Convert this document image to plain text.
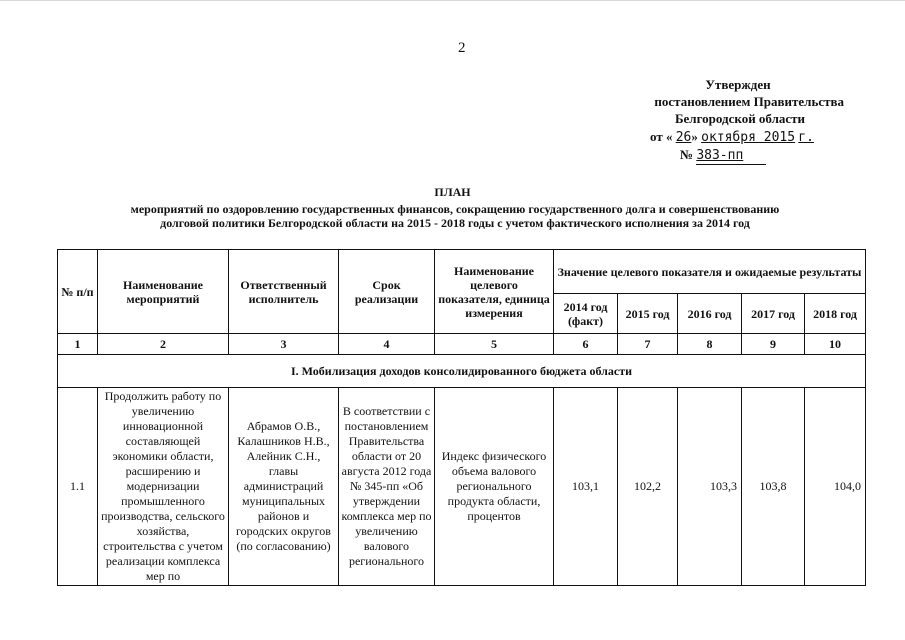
2
Утвержден
постановлением Правительства
Белгородской области
от « 26» октября 2015 г.
№ 383-пп
ПЛАН
мероприятий по оздоровлению государственных финансов, сокращению государственного долга и совершенствованию
долговой политики Белгородской области на 2015 - 2018 годы с учетом фактического исполнения за 2014 год
№ п/п	Наименование мероприятий	Ответственный исполнитель	Срок реализации	Наименование целевого показателя, единица измерения	Значение целевого показателя и ожидаемые результаты				
					2014 год (факт)	2015 год	2016 год	2017 год	2018 год
1	2	3	4	5	6	7	8	9	10
I. Мобилизация доходов консолидированного бюджета области									
1.1	Продолжить работу по увеличению инновационной составляющей экономики области, расширению и модернизации промышленного производства, сельского хозяйства, строительства с учетом реализации комплекса мер по	Абрамов О.В., Калашников Н.В., Алейник С.Н., главы администраций муниципальных районов и городских округов (по согласованию)	В соответствии с постановлением Правительства области от 20 августа 2012 года № 345-пп «Об утверждении комплекса мер по увеличению валового регионального	Индекс физического объема валового регионального продукта области, процентов	103,1	102,2	103,3	103,8	104,0
